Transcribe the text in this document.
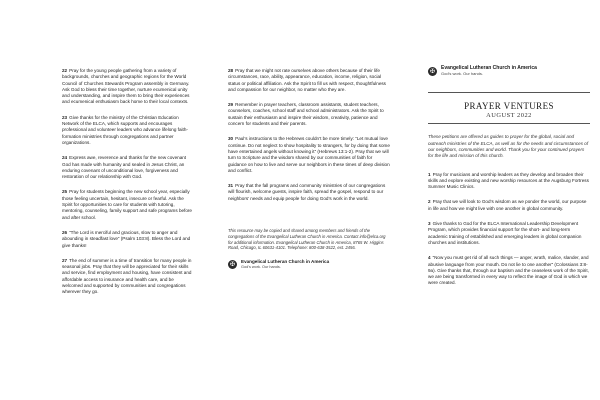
22 Pray for the young people gathering from a variety of backgrounds, churches and geographic regions for the World Council of Churches Stewards Program assembly in Germany. Ask God to bless their time together, nurture ecumenical unity and understanding, and inspire them to bring their experiences and ecumenical enthusiasm back home to their local contexts.

23 Give thanks for the ministry of the Christian Education Network of the ELCA, which supports and encourages professional and volunteer leaders who advance lifelong faith-formation ministries through congregations and partner organizations.

24 Express awe, reverence and thanks for the new covenant God has made with humanity and sealed in Jesus Christ, an enduring covenant of unconditional love, forgiveness and restoration of our relationship with God.

25 Pray for students beginning the new school year, especially those feeling uncertain, hesitant, insecure or fearful. Ask the Spirit for opportunities to care for students with tutoring, mentoring, counseling, family support and safe programs before and after school.

26 “The Lord is merciful and gracious, slow to anger and abounding in steadfast love” (Psalm 103:8). Bless the Lord and give thanks!

27 The end of summer is a time of transition for many people in seasonal jobs. Pray that they will be appreciated for their skills and service, find employment and housing, have consistent and affordable access to insurance and health care, and be welcomed and supported by communities and congregations wherever they go.

28 Pray that we might not rate ourselves above others because of their life circumstances, race, ability, appearance, education, income, religion, social status or political affiliation. Ask the Spirit to fill us with respect, thoughtfulness and compassion for our neighbor, no matter who they are.

29 Remember in prayer teachers, classroom assistants, student teachers, counselors, coaches, school staff and school administrators. Ask the Spirit to sustain their enthusiasm and inspire their wisdom, creativity, patience and concern for students and their parents.

30 Paul’s instructions to the Hebrews couldn’t be more timely: “Let mutual love continue. Do not neglect to show hospitality to strangers, for by doing that some have entertained angels without knowing it” (Hebrews 13:1-2). Pray that we will turn to Scripture and the wisdom shared by our communities of faith for guidance on how to live and serve our neighbors in these times of deep division and conflict.

31 Pray that the fall programs and community ministries of our congregations will flourish, welcome guests, inspire faith, spread the gospel, respond to our neighbors’ needs and equip people for doing God’s work in the world.

This resource may be copied and shared among members and friends of the congregations of the Evangelical Lutheran Church in America. Contact info@elca.org for additional information. Evangelical Lutheran Church in America, 8765 W. Higgins Road, Chicago, IL 60631-4101. Telephone: 800-638-3522, ext. 2456.
✠	Evangelical Lutheran Church in America
God’s work. Our hands.
✠	Evangelical Lutheran Church in America
God’s work. Our hands.
PRAYER VENTURES
AUGUST 2022
These petitions are offered as guides to prayer for the global, social and outreach ministries of the ELCA, as well as for the needs and circumstances of our neighbors, communities and world. Thank you for your continued prayers for the life and mission of this church.

1 Pray for musicians and worship leaders as they develop and broaden their skills and explore existing and new worship resources at the Augsburg Fortress Summer Music Clinics.

2 Pray that we will look to God’s wisdom as we ponder the world, our purpose in life and how we might live with one another in global community.

3 Give thanks to God for the ELCA International Leadership Development Program, which provides financial support for the short- and long-term academic training of established and emerging leaders in global companion churches and institutions.

4 “Now you must get rid of all such things — anger, wrath, malice, slander, and abusive language from your mouth. Do not lie to one another” (Colossians 3:8-9a). Give thanks that, through our baptism and the ceaseless work of the Spirit, we are being transformed in every way to reflect the image of God in which we were created.
